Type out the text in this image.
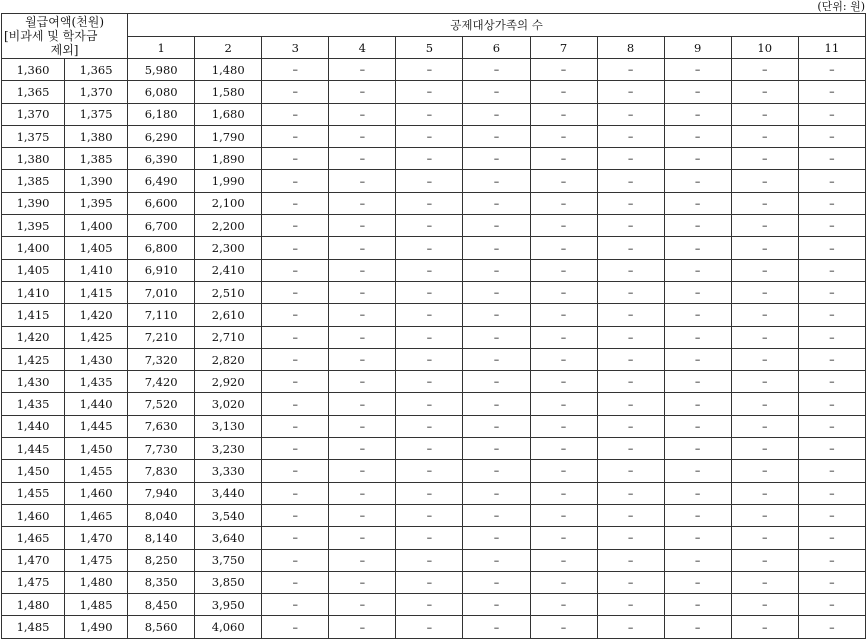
(단위: 원)
월급여액(천원)
[비과세 및 학자금
제외]		공제대상가족의 수										
		1	2	3	4	5	6	7	8	9	10	11
1,360	1,365	5,980	1,480	–	–	–	–	–	–	–	–	–
1,365	1,370	6,080	1,580	–	–	–	–	–	–	–	–	–
1,370	1,375	6,180	1,680	–	–	–	–	–	–	–	–	–
1,375	1,380	6,290	1,790	–	–	–	–	–	–	–	–	–
1,380	1,385	6,390	1,890	–	–	–	–	–	–	–	–	–
1,385	1,390	6,490	1,990	–	–	–	–	–	–	–	–	–
1,390	1,395	6,600	2,100	–	–	–	–	–	–	–	–	–
1,395	1,400	6,700	2,200	–	–	–	–	–	–	–	–	–
1,400	1,405	6,800	2,300	–	–	–	–	–	–	–	–	–
1,405	1,410	6,910	2,410	–	–	–	–	–	–	–	–	–
1,410	1,415	7,010	2,510	–	–	–	–	–	–	–	–	–
1,415	1,420	7,110	2,610	–	–	–	–	–	–	–	–	–
1,420	1,425	7,210	2,710	–	–	–	–	–	–	–	–	–
1,425	1,430	7,320	2,820	–	–	–	–	–	–	–	–	–
1,430	1,435	7,420	2,920	–	–	–	–	–	–	–	–	–
1,435	1,440	7,520	3,020	–	–	–	–	–	–	–	–	–
1,440	1,445	7,630	3,130	–	–	–	–	–	–	–	–	–
1,445	1,450	7,730	3,230	–	–	–	–	–	–	–	–	–
1,450	1,455	7,830	3,330	–	–	–	–	–	–	–	–	–
1,455	1,460	7,940	3,440	–	–	–	–	–	–	–	–	–
1,460	1,465	8,040	3,540	–	–	–	–	–	–	–	–	–
1,465	1,470	8,140	3,640	–	–	–	–	–	–	–	–	–
1,470	1,475	8,250	3,750	–	–	–	–	–	–	–	–	–
1,475	1,480	8,350	3,850	–	–	–	–	–	–	–	–	–
1,480	1,485	8,450	3,950	–	–	–	–	–	–	–	–	–
1,485	1,490	8,560	4,060	–	–	–	–	–	–	–	–	–
